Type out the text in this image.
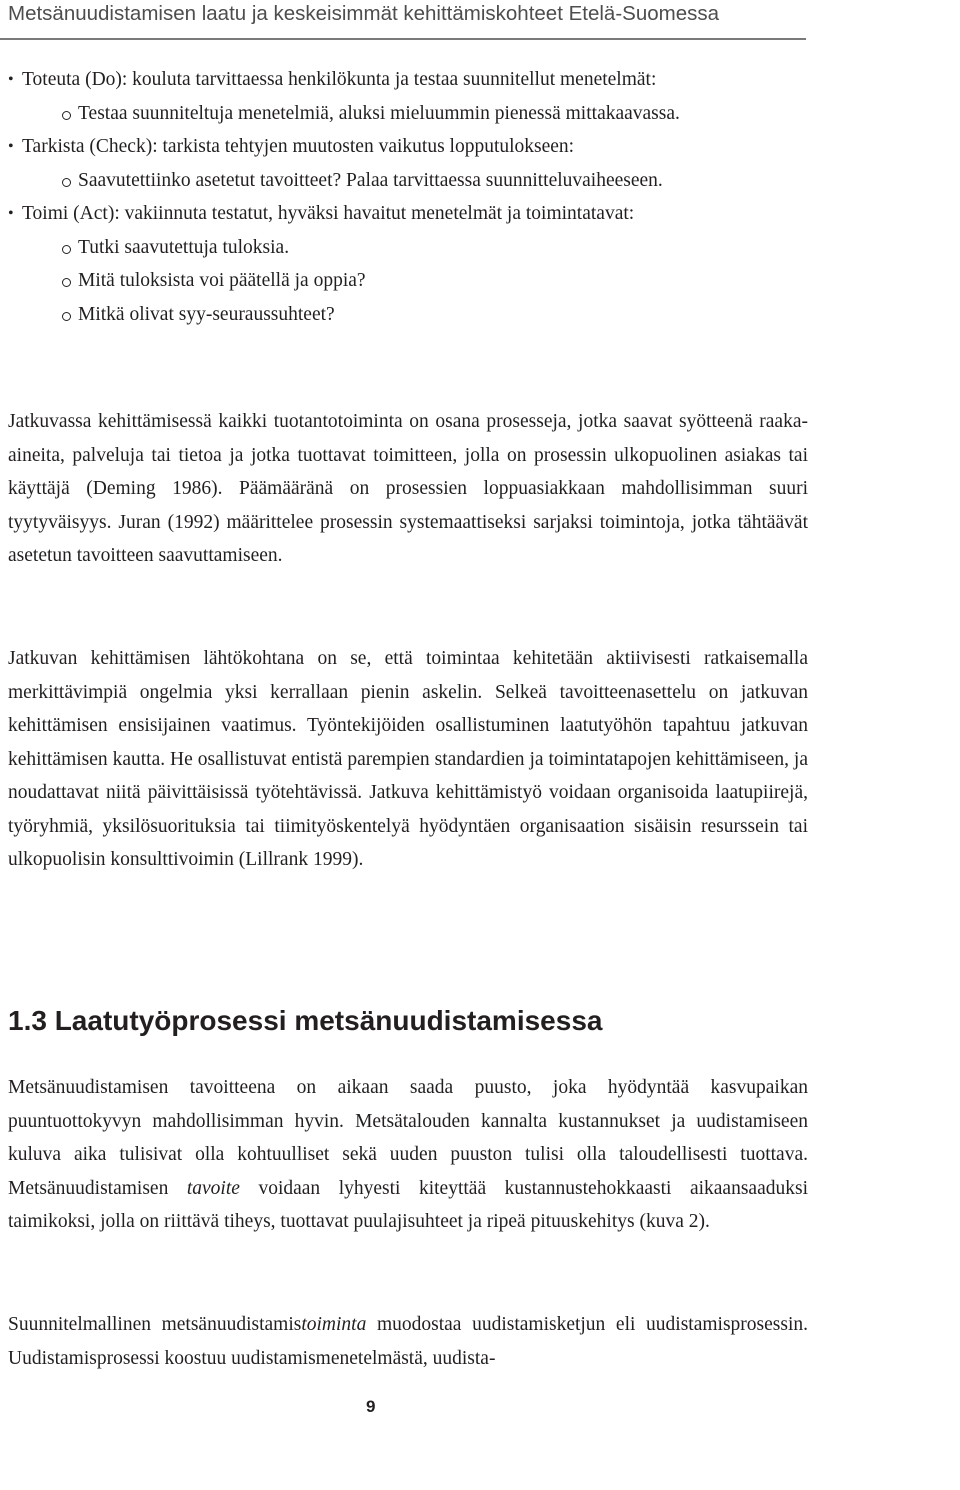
Metsänuudistamisen laatu ja keskeisimmät kehittämiskohteet Etelä-Suomessa
• Toteuta (Do): kouluta tarvittaessa henkilökunta ja testaa suunnitellut menetelmät:
Testaa suunniteltuja menetelmiä, aluksi mieluummin pienessä mittakaavassa.
• Tarkista (Check): tarkista tehtyjen muutosten vaikutus lopputulokseen:
Saavutettiinko asetetut tavoitteet? Palaa tarvittaessa suunnitteluvaiheeseen.
• Toimi (Act): vakiinnuta testatut, hyväksi havaitut menetelmät ja toimintatavat:
Tutki saavutettuja tuloksia.
Mitä tuloksista voi päätellä ja oppia?
Mitkä olivat syy-seuraussuhteet?

Jatkuvassa kehittämisessä kaikki tuotantotoiminta on osana prosesseja, jotka saavat syötteenä raaka-aineita, palveluja tai tietoa ja jotka tuottavat toimitteen, jolla on prosessin ulkopuolinen asiakas tai käyttäjä (Deming 1986). Päämääränä on prosessien loppuasiakkaan mahdollisimman suuri tyytyväisyys. Juran (1992) määrittelee prosessin systemaattiseksi sarjaksi toimintoja, jotka tähtäävät asetetun tavoitteen saavuttamiseen.

Jatkuvan kehittämisen lähtökohtana on se, että toimintaa kehitetään aktiivisesti ratkaisemalla merkittävimpiä ongelmia yksi kerrallaan pienin askelin. Selkeä tavoitteenasettelu on jatkuvan kehittämisen ensisijainen vaatimus. Työntekijöiden osallistuminen laatutyöhön tapahtuu jatkuvan kehittämisen kautta. He osallistuvat entistä parempien standardien ja toimintatapojen kehittämiseen, ja noudattavat niitä päivittäisissä työtehtävissä. Jatkuva kehittämistyö voidaan organisoida laatupiirejä, työryhmiä, yksilösuorituksia tai tiimityöskentelyä hyödyntäen organisaation sisäisin resurssein tai ulkopuolisin konsulttivoimin (Lillrank 1999).

1.3 Laatutyöprosessi metsänuudistamisessa

Metsänuudistamisen tavoitteena on aikaan saada puusto, joka hyödyntää kasvupaikan puuntuottokyvyn mahdollisimman hyvin. Metsätalouden kannalta kustannukset ja uudistamiseen kuluva aika tulisivat olla kohtuulliset sekä uuden puuston tulisi olla taloudellisesti tuottava. Metsänuudistamisen tavoite voidaan lyhyesti kiteyttää kustannustehokkaasti aikaansaaduksi taimikoksi, jolla on riittävä tiheys, tuottavat puulajisuhteet ja ripeä pituuskehitys (kuva 2).

Suunnitelmallinen metsänuudistamistoiminta muodostaa uudistamisketjun eli uudistamisprosessin. Uudistamisprosessi koostuu uudistamismenetelmästä, uudista-

9
